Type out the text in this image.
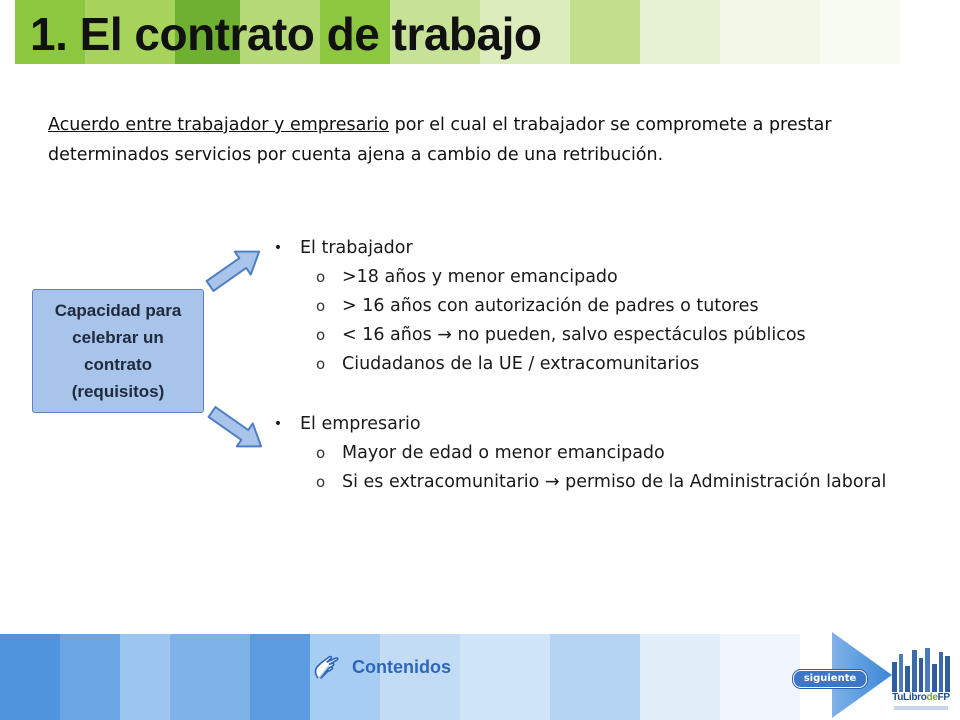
1. El contrato de trabajo

Acuerdo entre trabajador y empresario por el cual el trabajador se compromete a prestar determinados servicios por cuenta ajena a cambio de una retribución.

Capacidad para
celebrar un
contrato
(requisitos)
• El trabajador
o >18 años y menor emancipado
o > 16 años con autorización de padres o tutores
o < 16 años → no pueden, salvo espectáculos públicos
o Ciudadanos de la UE / extracomunitarios
• El empresario
o Mayor de edad o menor emancipado
o Si es extracomunitario → permiso de la Administración laboral
Contenidos
siguiente
TuLibrodeFP
